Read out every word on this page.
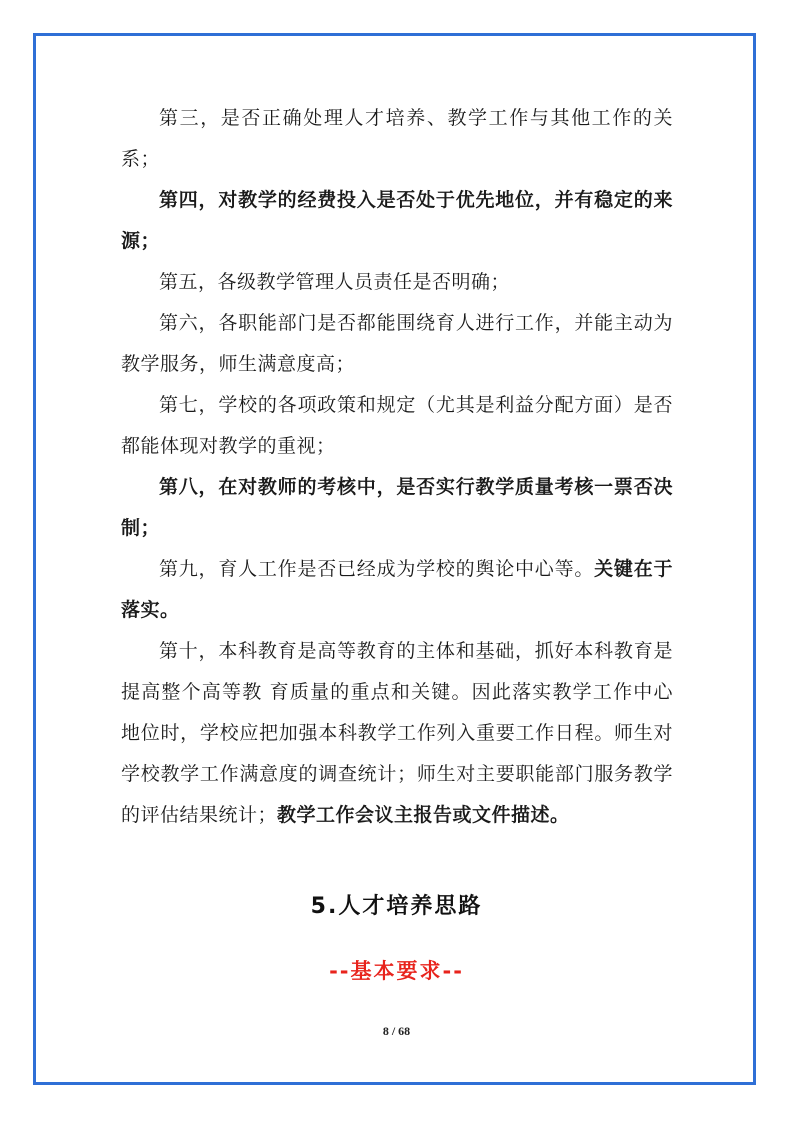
第三，是否正确处理人才培养、教学工作与其他工作的关系；

第四，对教学的经费投入是否处于优先地位，并有稳定的来源；

第五，各级教学管理人员责任是否明确；

第六，各职能部门是否都能围绕育人进行工作，并能主动为教学服务，师生满意度高；

第七，学校的各项政策和规定（尤其是利益分配方面）是否都能体现对教学的重视；

第八，在对教师的考核中，是否实行教学质量考核一票否决制；

第九，育人工作是否已经成为学校的舆论中心等。关键在于落实。

第十，本科教育是高等教育的主体和基础，抓好本科教育是提高整个高等教 育质量的重点和关键。因此落实教学工作中心地位时，学校应把加强本科教学工作列入重要工作日程。师生对学校教学工作满意度的调查统计；师生对主要职能部门服务教学的评估结果统计；教学工作会议主报告或文件描述。

5.人才培养思路
--基本要求--
8 / 68
